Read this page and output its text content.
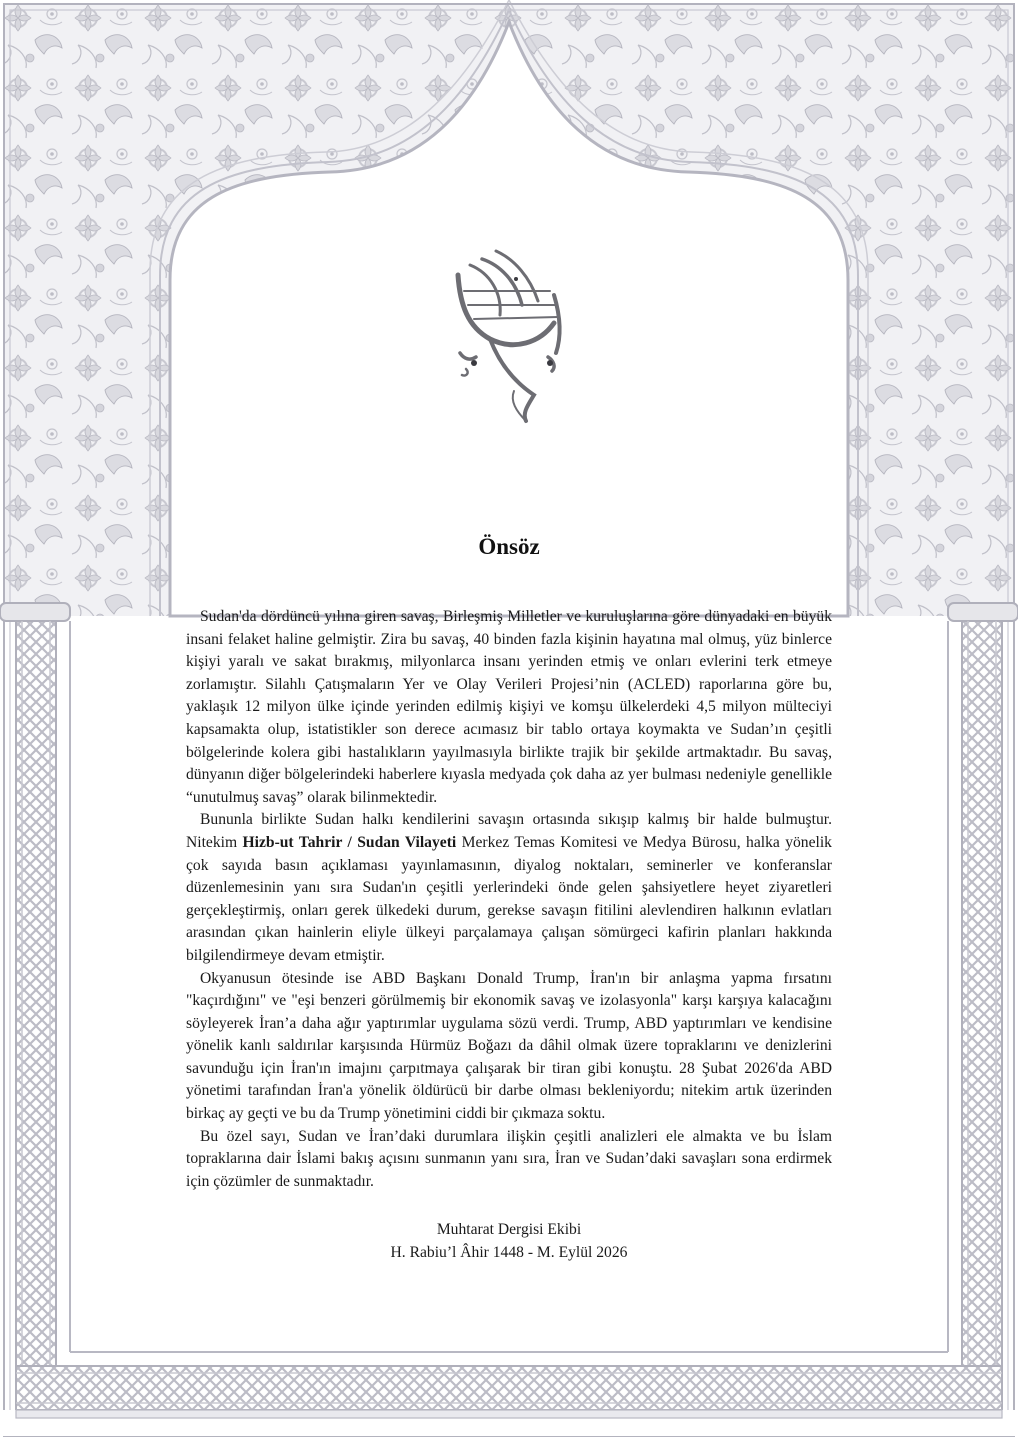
Önsöz

Sudan'da dördüncü yılına giren savaş, Birleşmiş Milletler ve kuruluşlarına göre dünyadaki en büyük insani felaket haline gelmiştir. Zira bu savaş, 40 binden fazla kişinin hayatına mal olmuş, yüz binlerce kişiyi yaralı ve sakat bırakmış, milyonlarca insanı yerinden etmiş ve onları evlerini terk etmeye zorlamıştır. Silahlı Çatışmaların Yer ve Olay Verileri Projesi’nin (ACLED) raporlarına göre bu, yaklaşık 12 milyon ülke içinde yerinden edilmiş kişiyi ve komşu ülkelerdeki 4,5 milyon mülteciyi kapsamakta olup, istatistikler son derece acımasız bir tablo ortaya koymakta ve Sudan’ın çeşitli bölgelerinde kolera gibi hastalıkların yayılmasıyla birlikte trajik bir şekilde artmaktadır. Bu savaş, dünyanın diğer bölgelerindeki haberlere kıyasla medyada çok daha az yer bulması nedeniyle genellikle “unutulmuş savaş” olarak bilinmektedir.

Bununla birlikte Sudan halkı kendilerini savaşın ortasında sıkışıp kalmış bir halde bulmuştur. Nitekim Hizb-ut Tahrir / Sudan Vilayeti Merkez Temas Komitesi ve Medya Bürosu, halka yönelik çok sayıda basın açıklaması yayınlamasının, diyalog noktaları, seminerler ve konferanslar düzenlemesinin yanı sıra Sudan'ın çeşitli yerlerindeki önde gelen şahsiyetlere heyet ziyaretleri gerçekleştirmiş, onları gerek ülkedeki durum, gerekse savaşın fitilini alevlendiren halkının evlatları arasından çıkan hainlerin eliyle ülkeyi parçalamaya çalışan sömürgeci kafirin planları hakkında bilgilendirmeye devam etmiştir.

Okyanusun ötesinde ise ABD Başkanı Donald Trump, İran'ın bir anlaşma yapma fırsatını "kaçırdığını" ve "eşi benzeri görülmemiş bir ekonomik savaş ve izolasyonla" karşı karşıya kalacağını söyleyerek İran’a daha ağır yaptırımlar uygulama sözü verdi. Trump, ABD yaptırımları ve kendisine yönelik kanlı saldırılar karşısında Hürmüz Boğazı da dâhil olmak üzere topraklarını ve denizlerini savunduğu için İran'ın imajını çarpıtmaya çalışarak bir tiran gibi konuştu. 28 Şubat 2026'da ABD yönetimi tarafından İran'a yönelik öldürücü bir darbe olması bekleniyordu; nitekim artık üzerinden birkaç ay geçti ve bu da Trump yönetimini ciddi bir çıkmaza soktu.

Bu özel sayı, Sudan ve İran’daki durumlara ilişkin çeşitli analizleri ele almakta ve bu İslam topraklarına dair İslami bakış açısını sunmanın yanı sıra, İran ve Sudan’daki savaşları sona erdirmek için çözümler de sunmaktadır.

Muhtarat Dergisi Ekibi
H. Rabiu’l Âhir 1448 - M. Eylül 2026
